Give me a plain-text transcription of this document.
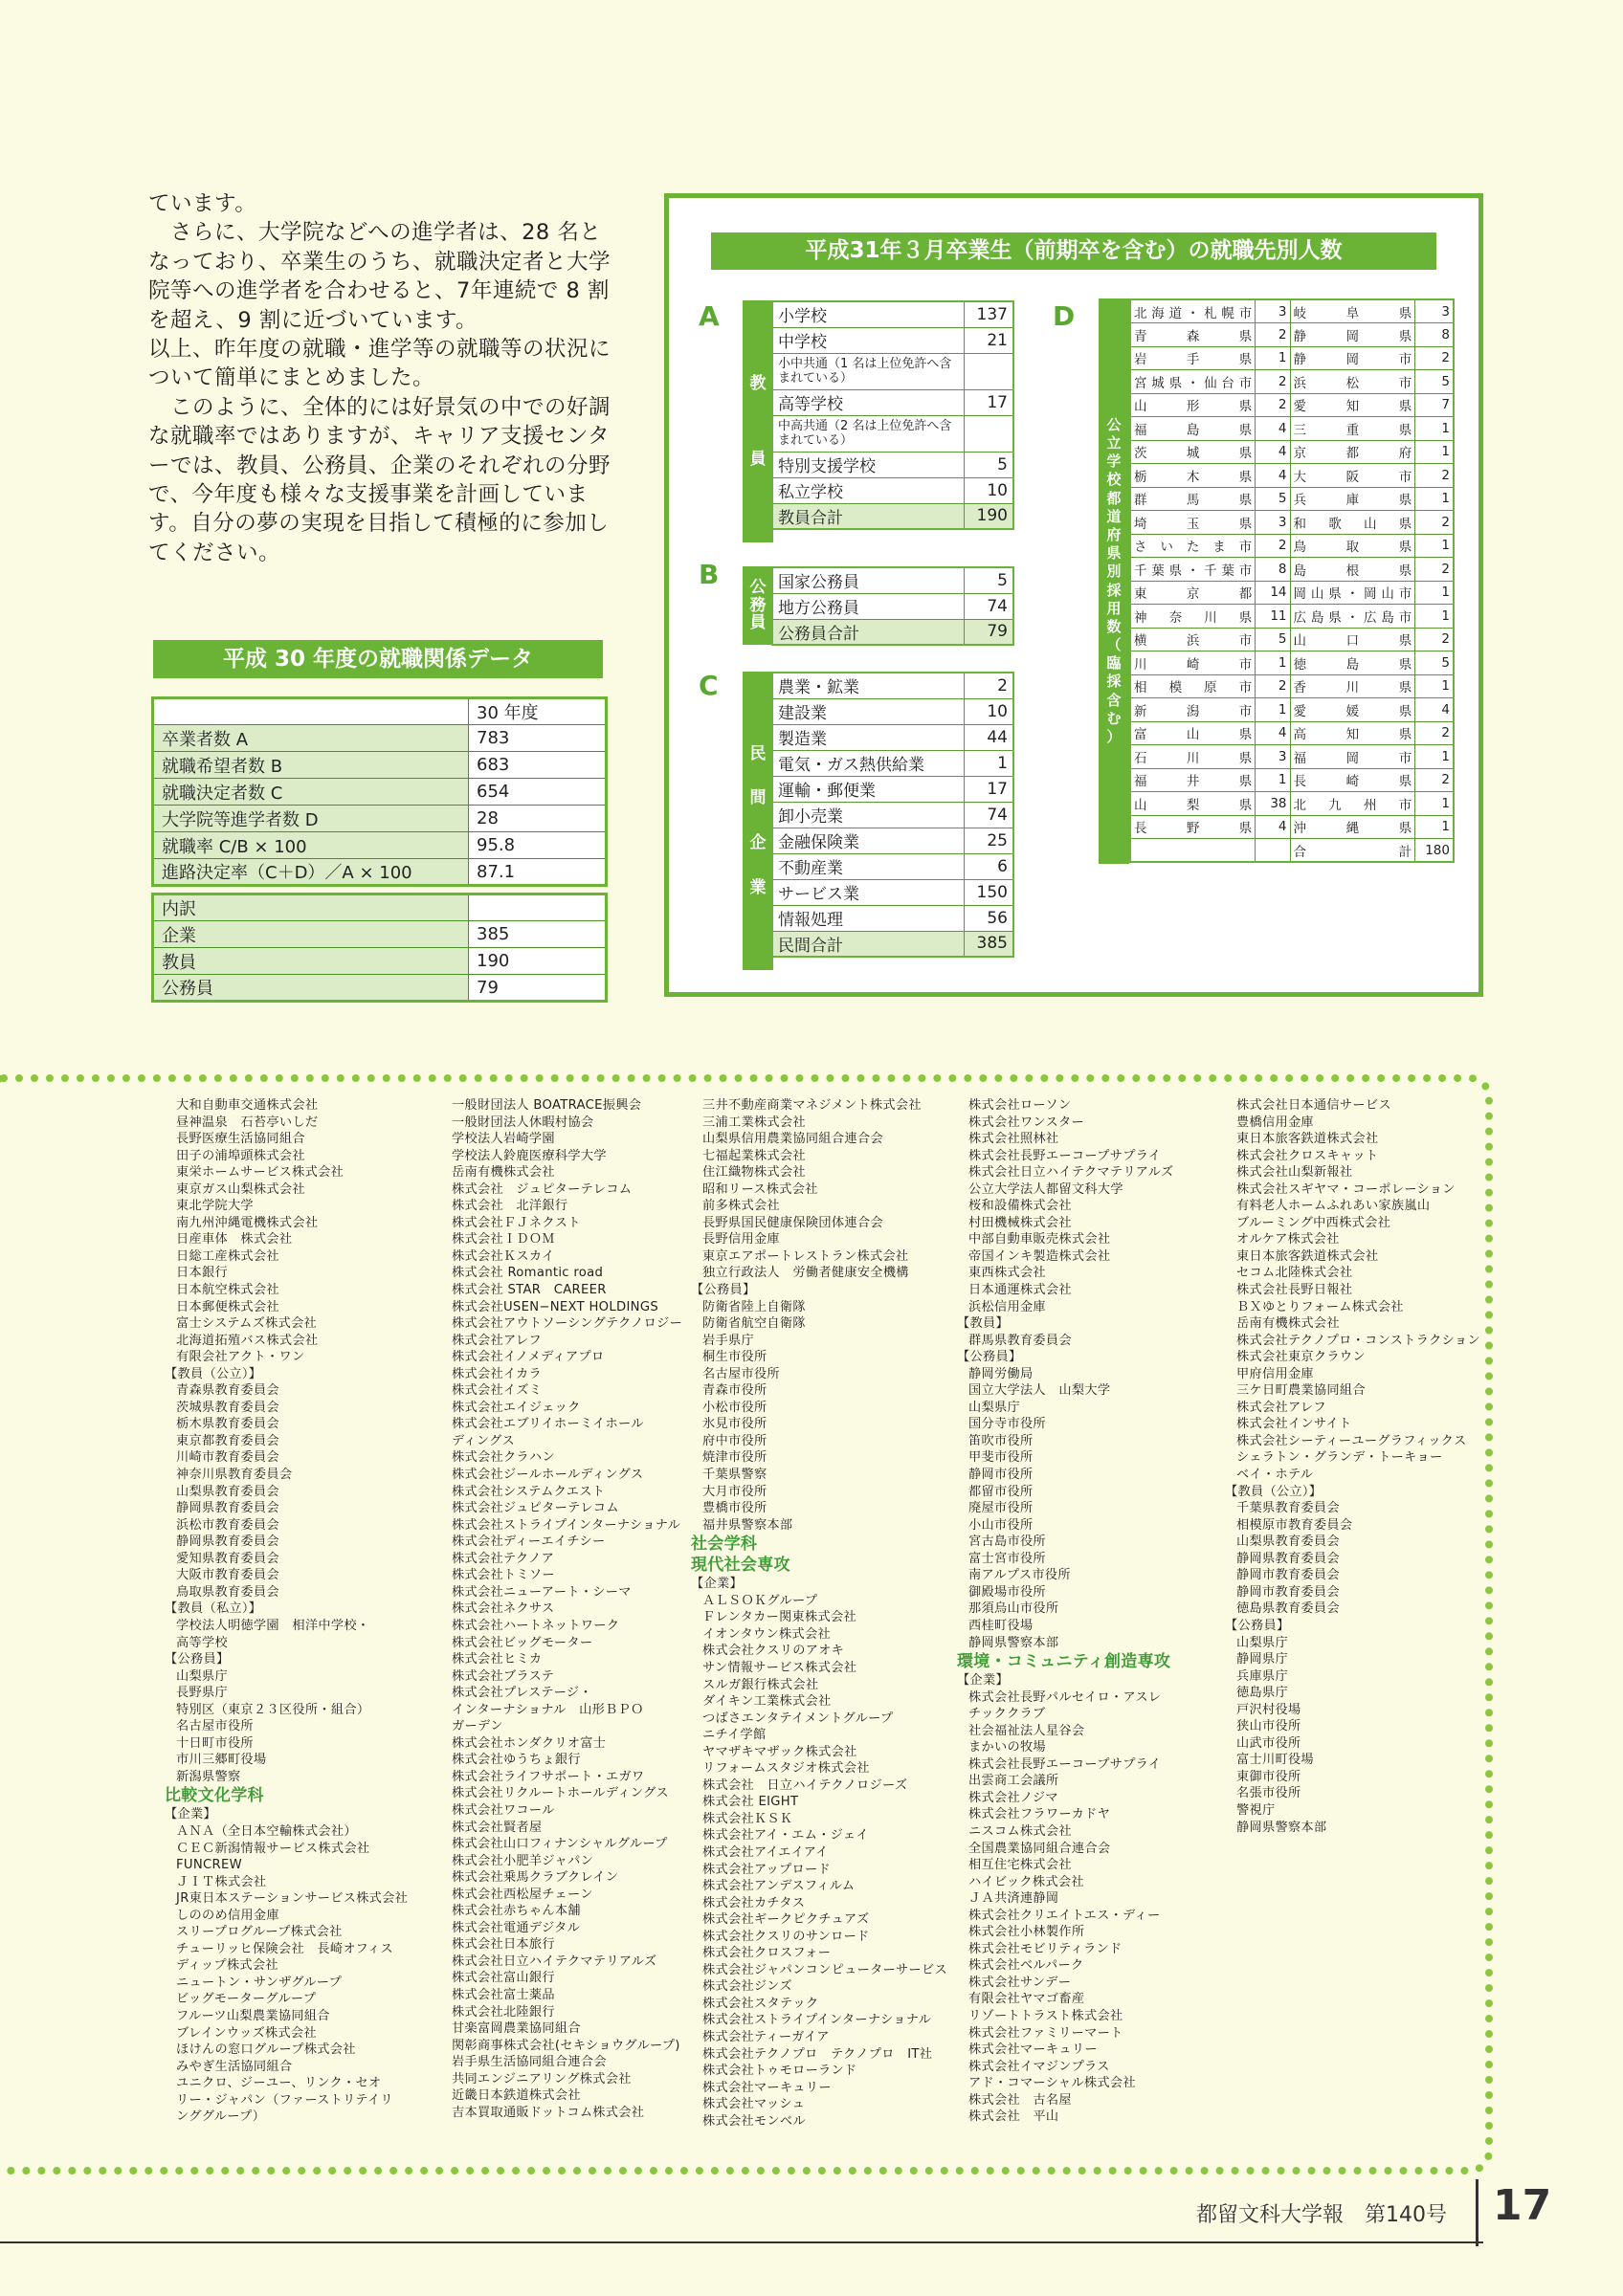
ています。

　さらに、大学院などへの進学者は、28 名となっており、卒業生のうち、就職決定者と大学院等への進学者を合わせると、7年連続で 8 割を超え、9 割に近づいています。

以上、昨年度の就職・進学等の就職等の状況について簡単にまとめました。

　このように、全体的には好景気の中での好調な就職率ではありますが、キャリア支援センターでは、教員、公務員、企業のそれぞれの分野で、今年度も様々な支援事業を計画しています。自分の夢の実現を目指して積極的に参加してください。

平成 30 年度の就職関係データ
	30 年度
卒業者数 A	783
就職希望者数 B	683
就職決定者数 C	654
大学院等進学者数 D	28
就職率 C/B × 100	95.8
進路決定率（C＋D）／A × 100	87.1
内訳	
企業	385
教員	190
公務員	79
平成31年３月卒業生（前期卒を含む）の就職先別人数
A
B
C
D
教
員
小学校	137
中学校	21
小中共通（1 名は上位免許へ含まれている）	
高等学校	17
中高共通（2 名は上位免許へ含まれている）	
特別支援学校	5
私立学校	10
教員合計	190
公
務
員
国家公務員	5
地方公務員	74
公務員合計	79
民
間
企
業
農業・鉱業	2
建設業	10
製造業	44
電気・ガス熱供給業	1
運輸・郵便業	17
卸小売業	74
金融保険業	25
不動産業	6
サービス業	150
情報処理	56
民間合計	385
公
立
学
校
都
道
府
県
別
採
用
数
（
臨
採
含
む
）
北海道・札幌市	3	岐　阜　県	3
青　森　県	2	静　岡　県	8
岩　手　県	1	静　岡　市	2
宮城県・仙台市	2	浜　松　市	5
山　形　県	2	愛　知　県	7
福　島　県	4	三　重　県	1
茨　城　県	4	京　都　府	1
栃　木　県	4	大　阪　市	2
群　馬　県	5	兵　庫　県	1
埼　玉　県	3	和 歌 山 県	2
さいたま市	2	鳥　取　県	1
千葉県・千葉市	8	島　根　県	2
東　京　都	14	岡山県・岡山市	1
神 奈 川 県	11	広島県・広島市	1
横　浜　市	5	山　口　県	2
川　崎　市	1	徳　島　県	5
相 模 原 市	2	香　川　県	1
新　潟　市	1	愛　媛　県	4
富　山　県	4	高　知　県	2
石　川　県	3	福　岡　市	1
福　井　県	1	長　崎　県	2
山　梨　県	38	北 九 州 市	1
長　野　県	4	沖　縄　県	1
		合　　計	180
大和自動車交通株式会社
昼神温泉　石苔亭いしだ
長野医療生活協同組合
田子の浦埠頭株式会社
東栄ホームサービス株式会社
東京ガス山梨株式会社
東北学院大学
南九州沖縄電機株式会社
日産車体　株式会社
日総工産株式会社
日本銀行
日本航空株式会社
日本郵便株式会社
富士システムズ株式会社
北海道拓殖バス株式会社
有限会社アクト・ワン
【教員（公立）】
青森県教育委員会
茨城県教育委員会
栃木県教育委員会
東京都教育委員会
川崎市教育委員会
神奈川県教育委員会
山梨県教育委員会
静岡県教育委員会
浜松市教育委員会
静岡県教育委員会
愛知県教育委員会
大阪市教育委員会
鳥取県教育委員会
【教員（私立）】
学校法人明徳学園　相洋中学校・
高等学校
【公務員】
山梨県庁
長野県庁
特別区（東京２３区役所・組合）
名古屋市役所
十日町市役所
市川三郷町役場
新潟県警察
比較文化学科
【企業】
ＡＮＡ（全日本空輸株式会社）
ＣＥＣ新潟情報サービス株式会社
FUNCREW
ＪＩＴ株式会社
JR東日本ステーションサービス株式会社
しののめ信用金庫
スリープログループ株式会社
チューリッヒ保険会社　長崎オフィス
ディップ株式会社
ニュートン・サンザグループ
ビッグモーターグループ
フルーツ山梨農業協同組合
ブレインウッズ株式会社
ほけんの窓口グループ株式会社
みやぎ生活協同組合
ユニクロ、ジーユー、リンク・セオ
リー・ジャパン（ファーストリテイリ
ンググループ）
一般財団法人 BOATRACE振興会
一般財団法人休暇村協会
学校法人岩崎学園
学校法人鈴鹿医療科学大学
岳南有機株式会社
株式会社　ジュピターテレコム
株式会社　北洋銀行
株式会社ＦＪネクスト
株式会社ＩＤＯＭ
株式会社Ｋスカイ
株式会社 Romantic road
株式会社 STAR　CAREER
株式会社USEN−NEXT HOLDINGS
株式会社アウトソーシングテクノロジー
株式会社アレフ
株式会社イノメディアプロ
株式会社イカラ
株式会社イズミ
株式会社エイジェック
株式会社エブリイホーミイホール
ディングス
株式会社クラハン
株式会社ジールホールディングス
株式会社システムクエスト
株式会社ジュピターテレコム
株式会社ストライプインターナショナル
株式会社ディーエイチシー
株式会社テクノア
株式会社トミソー
株式会社ニューアート・シーマ
株式会社ネクサス
株式会社ハートネットワーク
株式会社ビッグモーター
株式会社ヒミカ
株式会社ブラステ
株式会社プレステージ・
インターナショナル　山形ＢＰＯ
ガーデン
株式会社ホンダクリオ富士
株式会社ゆうちょ銀行
株式会社ライフサポート・エガワ
株式会社リクルートホールディングス
株式会社ワコール
株式会社賢者屋
株式会社山口フィナンシャルグループ
株式会社小肥羊ジャパン
株式会社乗馬クラブクレイン
株式会社西松屋チェーン
株式会社赤ちゃん本舗
株式会社電通デジタル
株式会社日本旅行
株式会社日立ハイテクマテリアルズ
株式会社富山銀行
株式会社富士薬品
株式会社北陸銀行
甘楽富岡農業協同組合
関彰商事株式会社(セキショウグループ)
岩手県生活協同組合連合会
共同エンジニアリング株式会社
近畿日本鉄道株式会社
吉本買取通販ドットコム株式会社
三井不動産商業マネジメント株式会社
三浦工業株式会社
山梨県信用農業協同組合連合会
七福起業株式会社
住江織物株式会社
昭和リース株式会社
前多株式会社
長野県国民健康保険団体連合会
長野信用金庫
東京エアポートレストラン株式会社
独立行政法人　労働者健康安全機構
【公務員】
防衛省陸上自衛隊
防衛省航空自衛隊
岩手県庁
桐生市役所
名古屋市役所
青森市役所
小松市役所
氷見市役所
府中市役所
焼津市役所
千葉県警察
大月市役所
豊橋市役所
福井県警察本部
社会学科
現代社会専攻
【企業】
ＡＬＳＯＫグループ
Ｆレンタカー関東株式会社
イオンタウン株式会社
株式会社クスリのアオキ
サン情報サービス株式会社
スルガ銀行株式会社
ダイキン工業株式会社
つばさエンタテイメントグループ
ニチイ学館
ヤマザキマザック株式会社
リフォームスタジオ株式会社
株式会社　日立ハイテクノロジーズ
株式会社 EIGHT
株式会社ＫＳＫ
株式会社アイ・エム・ジェイ
株式会社アイエイアイ
株式会社アップロード
株式会社アンデスフィルム
株式会社カチタス
株式会社ギークピクチュアズ
株式会社クスリのサンロード
株式会社クロスフォー
株式会社ジャパンコンピューターサービス
株式会社ジンズ
株式会社スタテック
株式会社ストライプインターナショナル
株式会社ティーガイア
株式会社テクノプロ　テクノプロ　IT社
株式会社トゥモローランド
株式会社マーキュリー
株式会社マッシュ
株式会社モンベル
株式会社ローソン
株式会社ワンスター
株式会社照林社
株式会社長野エーコープサプライ
株式会社日立ハイテクマテリアルズ
公立大学法人都留文科大学
桜和設備株式会社
村田機械株式会社
中部自動車販売株式会社
帝国インキ製造株式会社
東西株式会社
日本通運株式会社
浜松信用金庫
【教員】
群馬県教育委員会
【公務員】
静岡労働局
国立大学法人　山梨大学
山梨県庁
国分寺市役所
笛吹市役所
甲斐市役所
静岡市役所
都留市役所
廃屋市役所
小山市役所
宮古島市役所
富士宮市役所
南アルプス市役所
御殿場市役所
那須烏山市役所
西桂町役場
静岡県警察本部
環境・コミュニティ創造専攻
【企業】
株式会社長野パルセイロ・アスレ
チッククラブ
社会福祉法人星谷会
まかいの牧場
株式会社長野エーコープサプライ
出雲商工会議所
株式会社ノジマ
株式会社フラワーカドヤ
ニスコム株式会社
全国農業協同組合連合会
相互住宅株式会社
ハイビック株式会社
ＪＡ共済連静岡
株式会社クリエイトエス・ディー
株式会社小林製作所
株式会社モビリティランド
株式会社ベルパーク
株式会社サンデー
有限会社ヤマゴ畜産
リゾートトラスト株式会社
株式会社ファミリーマート
株式会社マーキュリー
株式会社イマジンプラス
アド・コマーシャル株式会社
株式会社　古名屋
株式会社　平山
株式会社日本通信サービス
豊橋信用金庫
東日本旅客鉄道株式会社
株式会社クロスキャット
株式会社山梨新報社
株式会社スギヤマ・コーポレーション
有料老人ホームふれあい家族嵐山
ブルーミング中西株式会社
オルケア株式会社
東日本旅客鉄道株式会社
セコム北陸株式会社
株式会社長野日報社
ＢＸゆとりフォーム株式会社
岳南有機株式会社
株式会社テクノプロ・コンストラクション
株式会社東京クラウン
甲府信用金庫
三ケ日町農業協同組合
株式会社アレフ
株式会社インサイト
株式会社シーティーユーグラフィックス
シェラトン・グランデ・トーキョー
ベイ・ホテル
【教員（公立）】
千葉県教育委員会
相模原市教育委員会
山梨県教育委員会
静岡県教育委員会
静岡市教育委員会
静岡市教育委員会
徳島県教育委員会
【公務員】
山梨県庁
静岡県庁
兵庫県庁
徳島県庁
戸沢村役場
狭山市役所
山武市役所
富士川町役場
東御市役所
名張市役所
警視庁
静岡県警察本部
都留文科大学報　第140号 17
